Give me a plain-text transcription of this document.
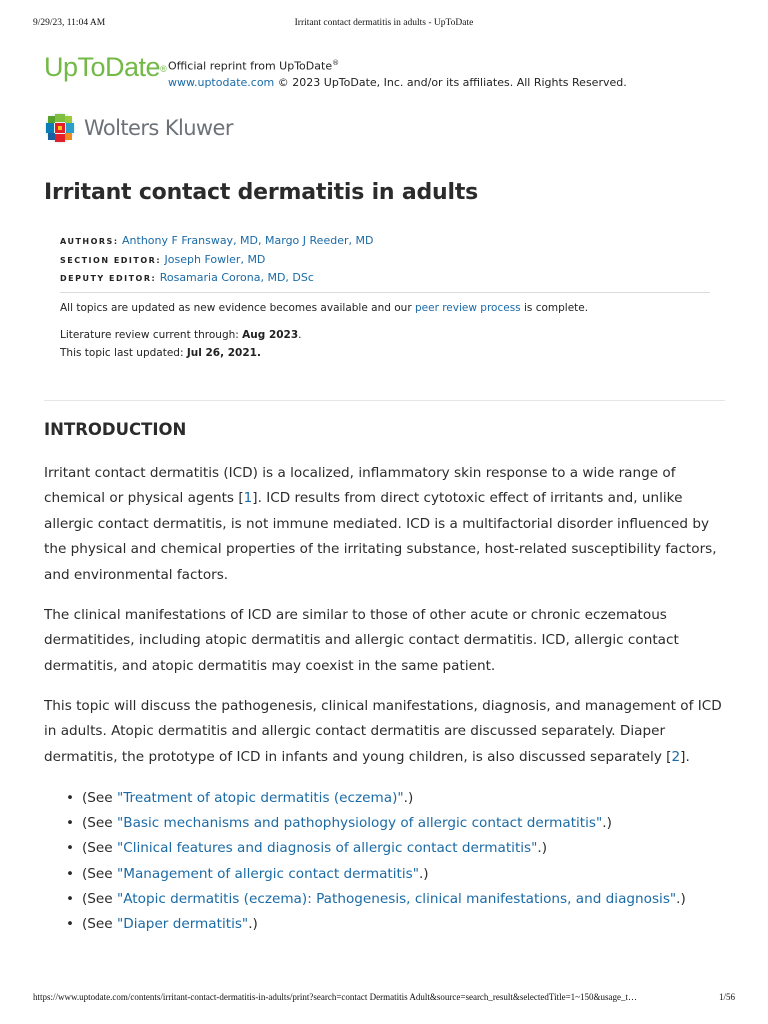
9/29/23, 11:04 AM	Irritant contact dermatitis in adults - UpToDate
UpToDate® Official reprint from UpToDate®
www.uptodate.com © 2023 UpToDate, Inc. and/or its affiliates. All Rights Reserved.
Wolters Kluwer
Irritant contact dermatitis in adults
AUTHORS: Anthony F Fransway, MD, Margo J Reeder, MD
SECTION EDITOR: Joseph Fowler, MD
DEPUTY EDITOR: Rosamaria Corona, MD, DSc
All topics are updated as new evidence becomes available and our peer review process is complete.
Literature review current through: Aug 2023.
This topic last updated: Jul 26, 2021.
INTRODUCTION

Irritant contact dermatitis (ICD) is a localized, inflammatory skin response to a wide range of chemical or physical agents [1]. ICD results from direct cytotoxic effect of irritants and, unlike allergic contact dermatitis, is not immune mediated. ICD is a multifactorial disorder influenced by the physical and chemical properties of the irritating substance, host-related susceptibility factors, and environmental factors.

The clinical manifestations of ICD are similar to those of other acute or chronic eczematous dermatitides, including atopic dermatitis and allergic contact dermatitis. ICD, allergic contact dermatitis, and atopic dermatitis may coexist in the same patient.

This topic will discuss the pathogenesis, clinical manifestations, diagnosis, and management of ICD in adults. Atopic dermatitis and allergic contact dermatitis are discussed separately. Diaper dermatitis, the prototype of ICD in infants and young children, is also discussed separately [2].

• (See "Treatment of atopic dermatitis (eczema)".)
• (See "Basic mechanisms and pathophysiology of allergic contact dermatitis".)
• (See "Clinical features and diagnosis of allergic contact dermatitis".)
• (See "Management of allergic contact dermatitis".)
• (See "Atopic dermatitis (eczema): Pathogenesis, clinical manifestations, and diagnosis".)
• (See "Diaper dermatitis".)
https://www.uptodate.com/contents/irritant-contact-dermatitis-in-adults/print?search=contact Dermatitis Adult&source=search_result&selectedTitle=1~150&usage_t…	1/56
